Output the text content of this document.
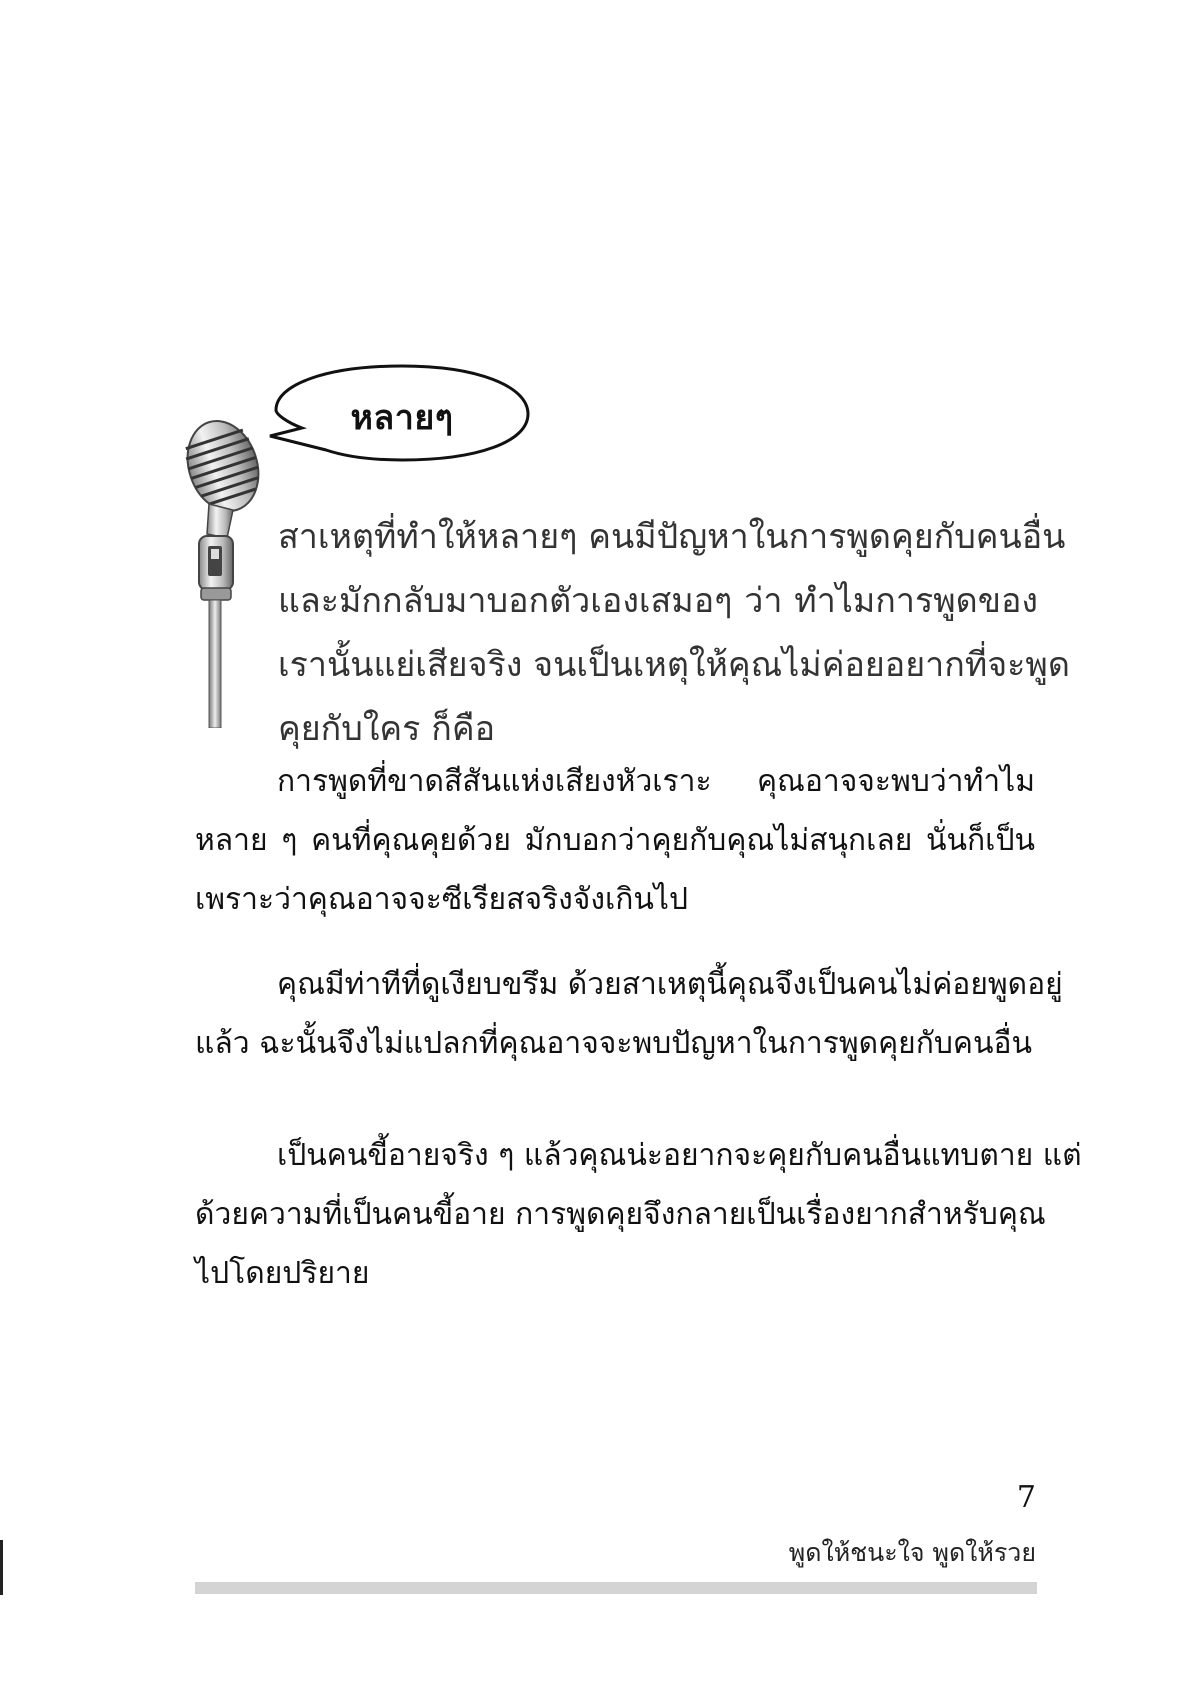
หลายๆ
สาเหตุที่ทำให้หลายๆ คนมีปัญหาในการพูดคุยกับคนอื่น
และมักกลับมาบอกตัวเองเสมอๆ ว่า ทำไมการพูดของ
เรานั้นแย่เสียจริง จนเป็นเหตุให้คุณไม่ค่อยอยากที่จะพูด
คุยกับใคร ก็คือ
การพูดที่ขาดสีสันแห่งเสียงหัวเราะ คุณอาจจะพบว่าทำไม
หลาย ๆ คนที่คุณคุยด้วย มักบอกว่าคุยกับคุณไม่สนุกเลย นั่นก็เป็น
เพราะว่าคุณอาจจะซีเรียสจริงจังเกินไป
คุณมีท่าทีที่ดูเงียบขรึม ด้วยสาเหตุนี้คุณจึงเป็นคนไม่ค่อยพูดอยู่
แล้ว ฉะนั้นจึงไม่แปลกที่คุณอาจจะพบปัญหาในการพูดคุยกับคนอื่น
เป็นคนขี้อายจริง ๆ แล้วคุณน่ะอยากจะคุยกับคนอื่นแทบตาย แต่
ด้วยความที่เป็นคนขี้อาย การพูดคุยจึงกลายเป็นเรื่องยากสำหรับคุณ
ไปโดยปริยาย
7
พูดให้ชนะใจ พูดให้รวย
